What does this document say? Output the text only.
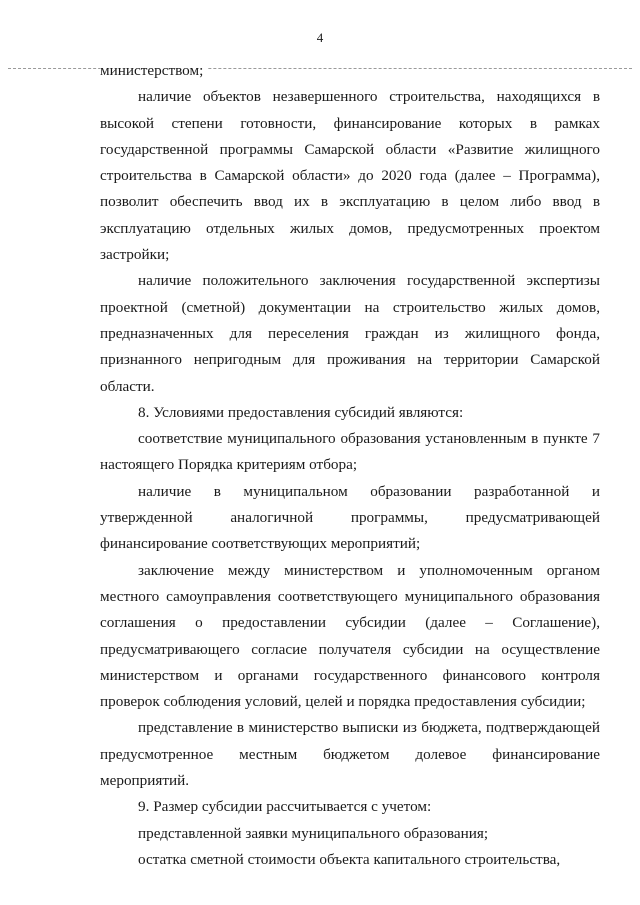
4

министерством;

наличие объектов незавершенного строительства, находящихся в высокой степени готовности, финансирование которых в рамках государственной программы Самарской области «Развитие жилищного строительства в Самарской области» до 2020 года (далее – Программа), позволит обеспечить ввод их в эксплуатацию в целом либо ввод в эксплуатацию отдельных жилых домов, предусмотренных проектом застройки;

наличие положительного заключения государственной экспертизы проектной (сметной) документации на строительство жилых домов, предназначенных для переселения граждан из жилищного фонда, признанного непригодным для проживания на территории Самарской области.

8. Условиями предоставления субсидий являются:

соответствие муниципального образования установленным в пункте 7 настоящего Порядка критериям отбора;

наличие в муниципальном образовании разработанной и утвержденной аналогичной программы, предусматривающей финансирование соответствующих мероприятий;

заключение между министерством и уполномоченным органом местного самоуправления соответствующего муниципального образования соглашения о предоставлении субсидии (далее – Соглашение), предусматривающего согласие получателя субсидии на осуществление министерством и органами государственного финансового контроля проверок соблюдения условий, целей и порядка предоставления субсидии;

представление в министерство выписки из бюджета, подтверждающей предусмотренное местным бюджетом долевое финансирование мероприятий.

9. Размер субсидии рассчитывается с учетом:

представленной заявки муниципального образования;

остатка сметной стоимости объекта капитального строительства,
